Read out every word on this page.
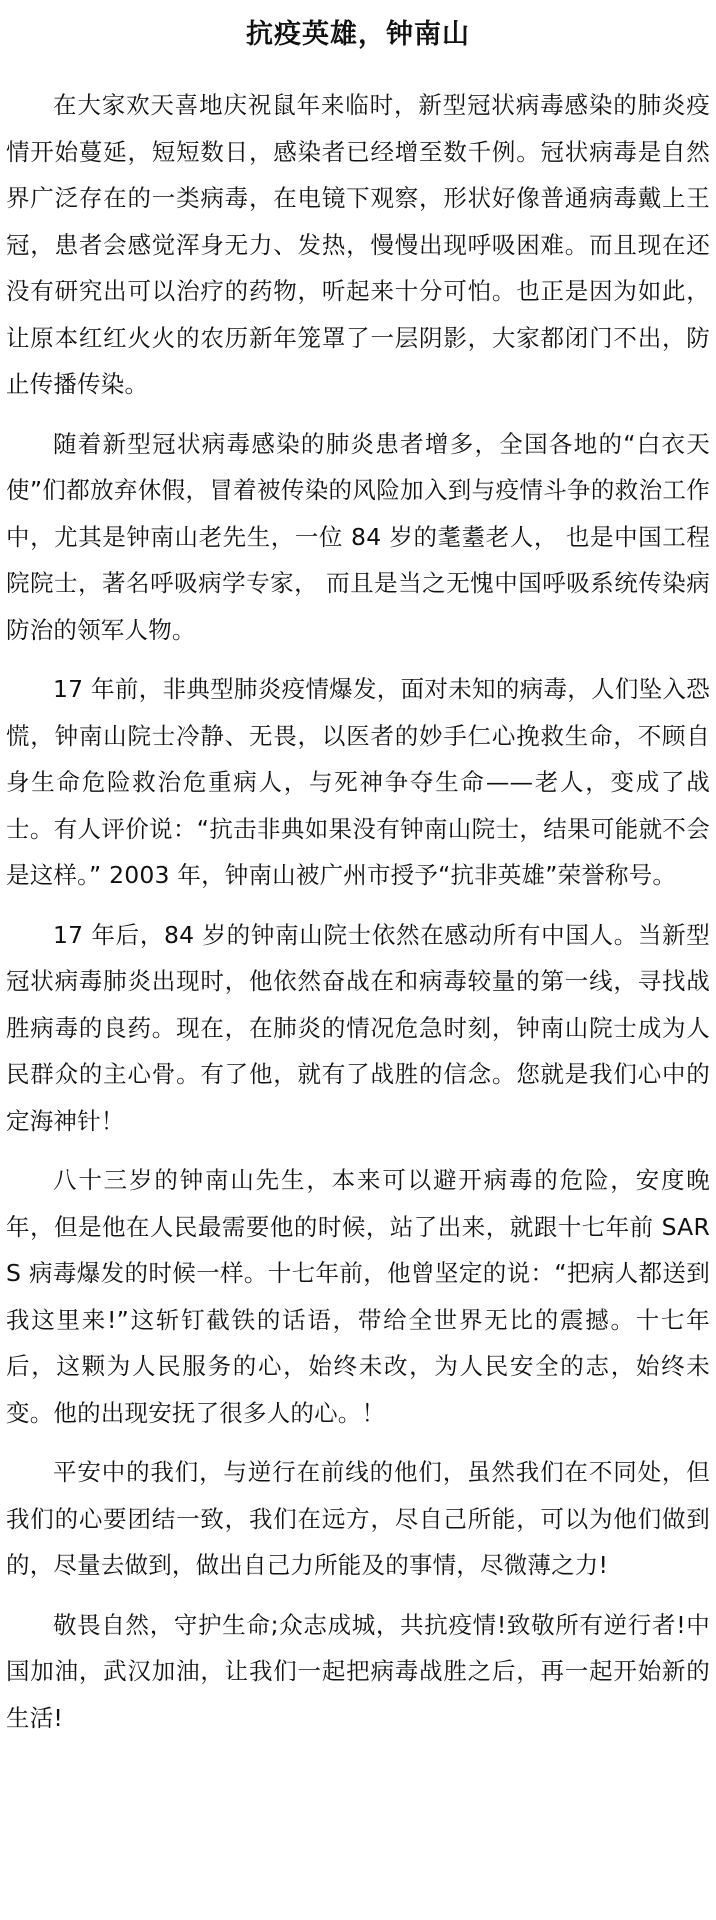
抗疫英雄，钟南山

在大家欢天喜地庆祝鼠年来临时，新型冠状病毒感染的肺炎疫情开始蔓延，短短数日，感染者已经增至数千例。冠状病毒是自然界广泛存在的一类病毒，在电镜下观察，形状好像普通病毒戴上王冠，患者会感觉浑身无力、发热，慢慢出现呼吸困难。而且现在还没有研究出可以治疗的药物，听起来十分可怕。也正是因为如此，让原本红红火火的农历新年笼罩了一层阴影，大家都闭门不出，防止传播传染。

随着新型冠状病毒感染的肺炎患者增多，全国各地的“白衣天使”们都放弃休假，冒着被传染的风险加入到与疫情斗争的救治工作中，尤其是钟南山老先生，一位 84 岁的耄耋老人， 也是中国工程院院士，著名呼吸病学专家， 而且是当之无愧中国呼吸系统传染病防治的领军人物。

17 年前，非典型肺炎疫情爆发，面对未知的病毒，人们坠入恐慌，钟南山院士冷静、无畏，以医者的妙手仁心挽救生命，不顾自身生命危险救治危重病人，与死神争夺生命——老人，变成了战士。有人评价说：“抗击非典如果没有钟南山院士，结果可能就不会是这样。” 2003 年，钟南山被广州市授予“抗非英雄”荣誉称号。

17 年后，84 岁的钟南山院士依然在感动所有中国人。当新型冠状病毒肺炎出现时，他依然奋战在和病毒较量的第一线，寻找战胜病毒的良药。现在，在肺炎的情况危急时刻，钟南山院士成为人民群众的主心骨。有了他，就有了战胜的信念。您就是我们心中的定海神针！

八十三岁的钟南山先生，本来可以避开病毒的危险，安度晚年，但是他在人民最需要他的时候，站了出来，就跟十七年前 SARS 病毒爆发的时候一样。十七年前，他曾坚定的说：“把病人都送到我这里来!”这斩钉截铁的话语，带给全世界无比的震撼。十七年后，这颗为人民服务的心，始终未改，为人民安全的志，始终未变。他的出现安抚了很多人的心。！

平安中的我们，与逆行在前线的他们，虽然我们在不同处，但我们的心要团结一致，我们在远方，尽自己所能，可以为他们做到的，尽量去做到，做出自己力所能及的事情，尽微薄之力!

敬畏自然，守护生命;众志成城，共抗疫情!致敬所有逆行者!中国加油，武汉加油，让我们一起把病毒战胜之后，再一起开始新的生活!
